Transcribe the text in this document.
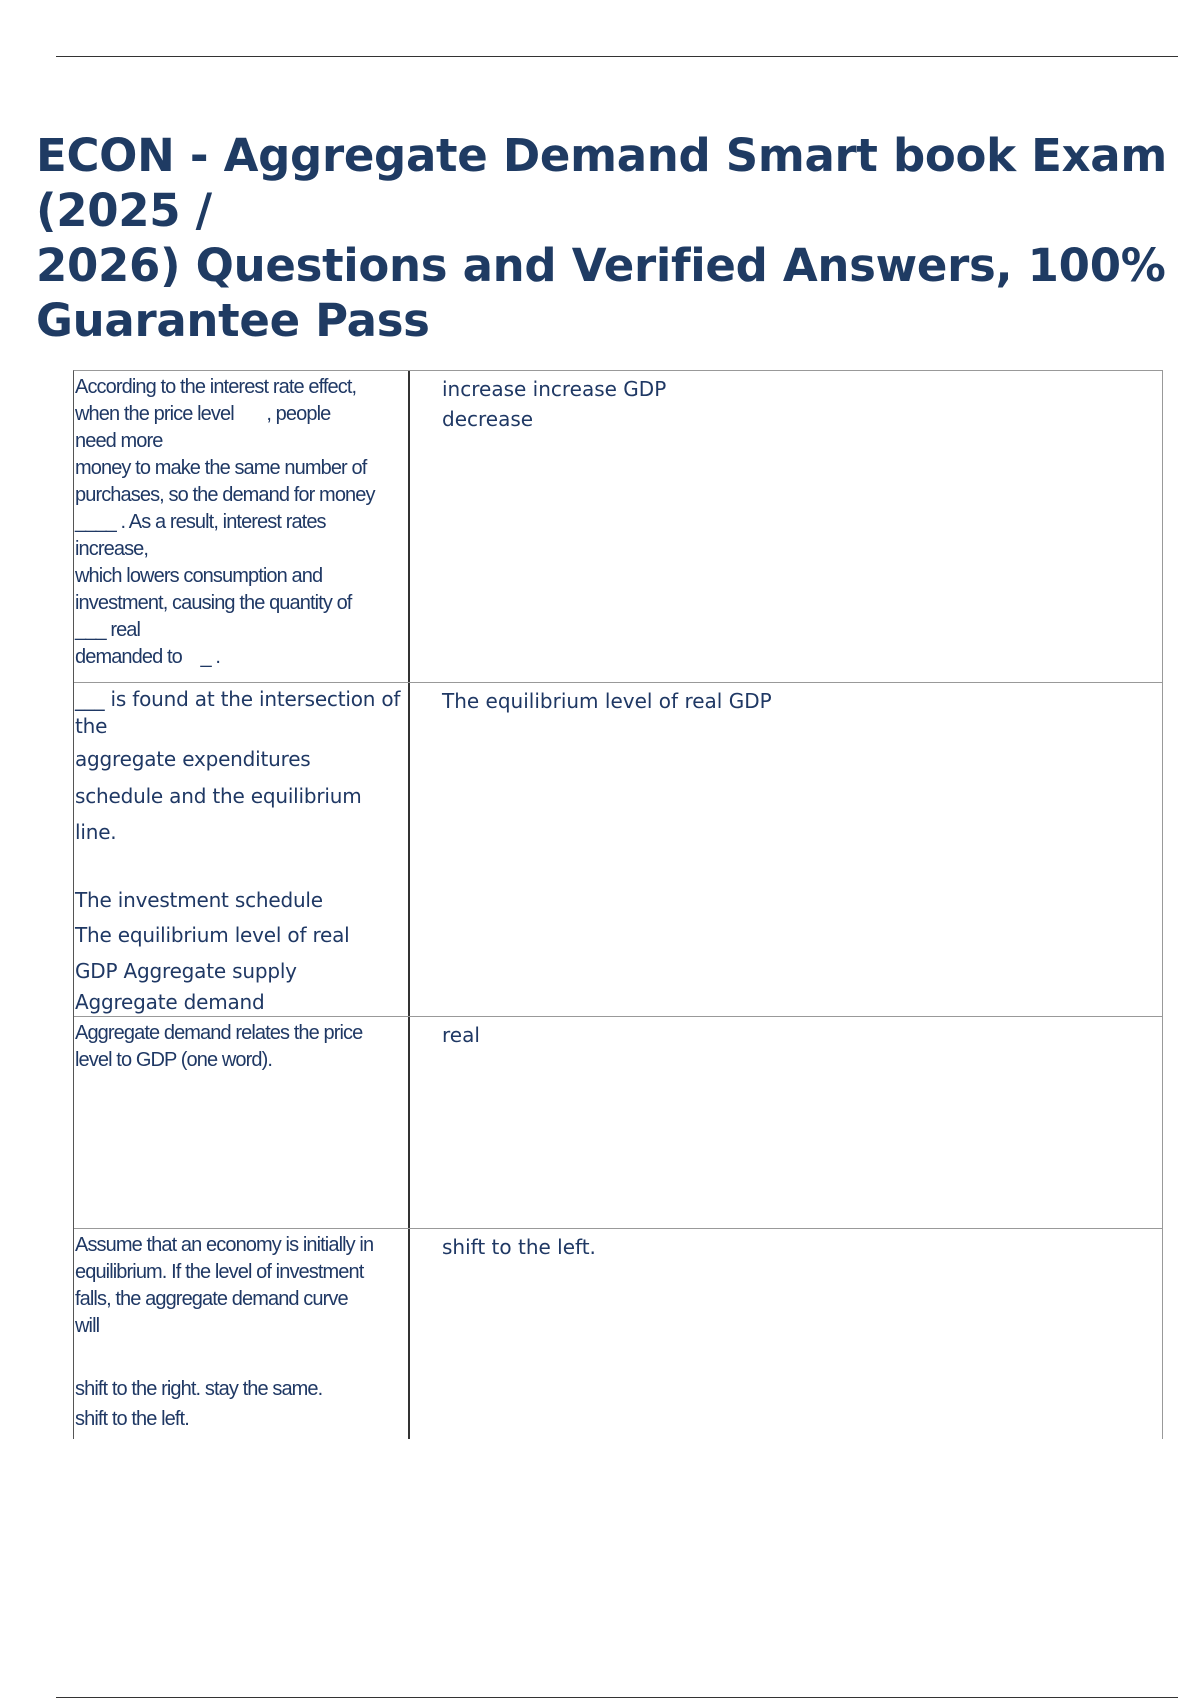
ECON - Aggregate Demand Smart book Exam (2025 /
2026) Questions and Verified Answers, 100%
Guarantee Pass
According to the interest rate effect,
when the price level       , people
need more
money to make the same number of
purchases, so the demand for money
____ . As a result, interest rates
increase,
which lowers consumption and
investment, causing the quantity of
___ real
demanded to    _ .
increase increase GDP
decrease
___ is found at the intersection of
the
aggregate expenditures
schedule and the equilibrium
line.
The investment schedule
The equilibrium level of real
GDP Aggregate supply
Aggregate demand
The equilibrium level of real GDP
Aggregate demand relates the price
level to GDP (one word).
real
Assume that an economy is initially in
equilibrium. If the level of investment
falls, the aggregate demand curve
will
shift to the right. stay the same.
shift to the left.
shift to the left.
